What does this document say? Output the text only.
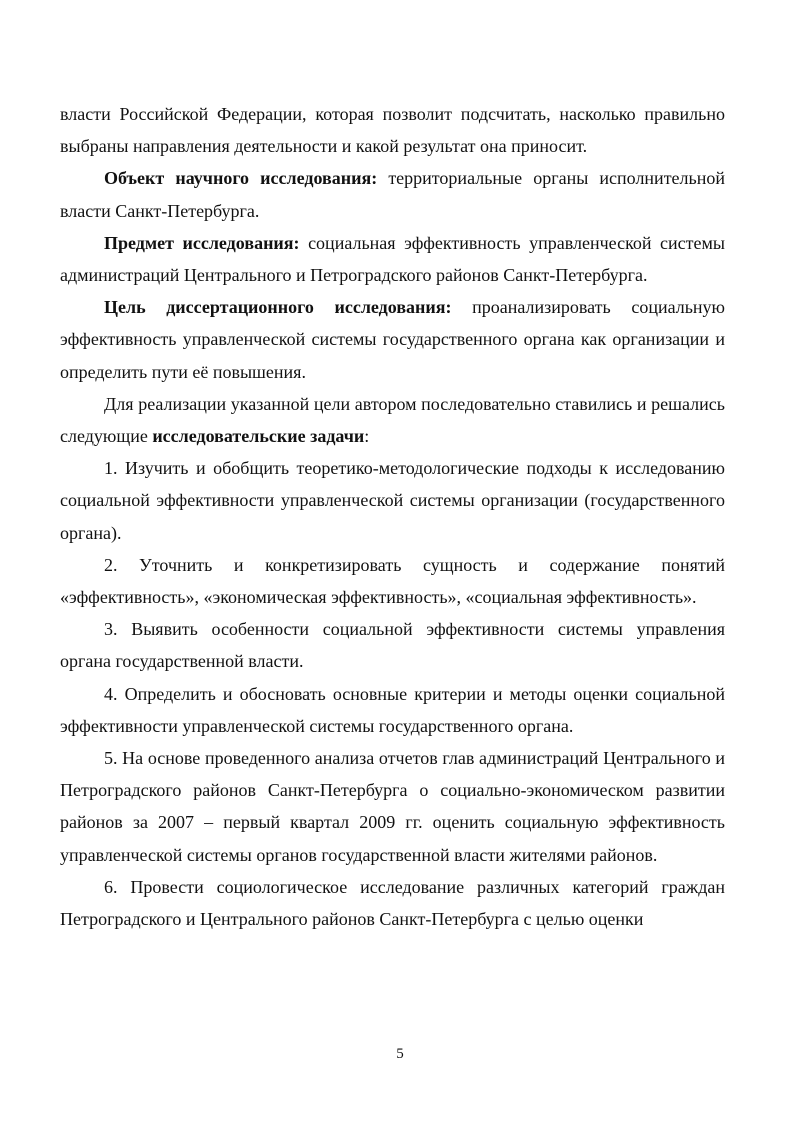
власти Российской Федерации, которая позволит подсчитать, насколько правильно выбраны направления деятельности и какой результат она приносит.

Объект научного исследования: территориальные органы исполнительной власти Санкт-Петербурга.

Предмет исследования: социальная эффективность управленческой системы администраций Центрального и Петроградского районов Санкт-Петербурга.

Цель диссертационного исследования: проанализировать социальную эффективность управленческой системы государственного органа как организации и определить пути её повышения.

Для реализации указанной цели автором последовательно ставились и решались следующие исследовательские задачи:

1. Изучить и обобщить теоретико-методологические подходы к исследованию социальной эффективности управленческой системы организации (государственного органа).

2. Уточнить и конкретизировать сущность и содержание понятий «эффективность», «экономическая эффективность», «социальная эффективность».

3. Выявить особенности социальной эффективности системы управления органа государственной власти.

4. Определить и обосновать основные критерии и методы оценки социальной эффективности управленческой системы государственного органа.

5. На основе проведенного анализа отчетов глав администраций Центрального и Петроградского районов Санкт-Петербурга о социально-экономическом развитии районов за 2007 – первый квартал 2009 гг. оценить социальную эффективность управленческой системы органов государственной власти жителями районов.

6. Провести социологическое исследование различных категорий граждан Петроградского и Центрального районов Санкт-Петербурга с целью оценки

5
